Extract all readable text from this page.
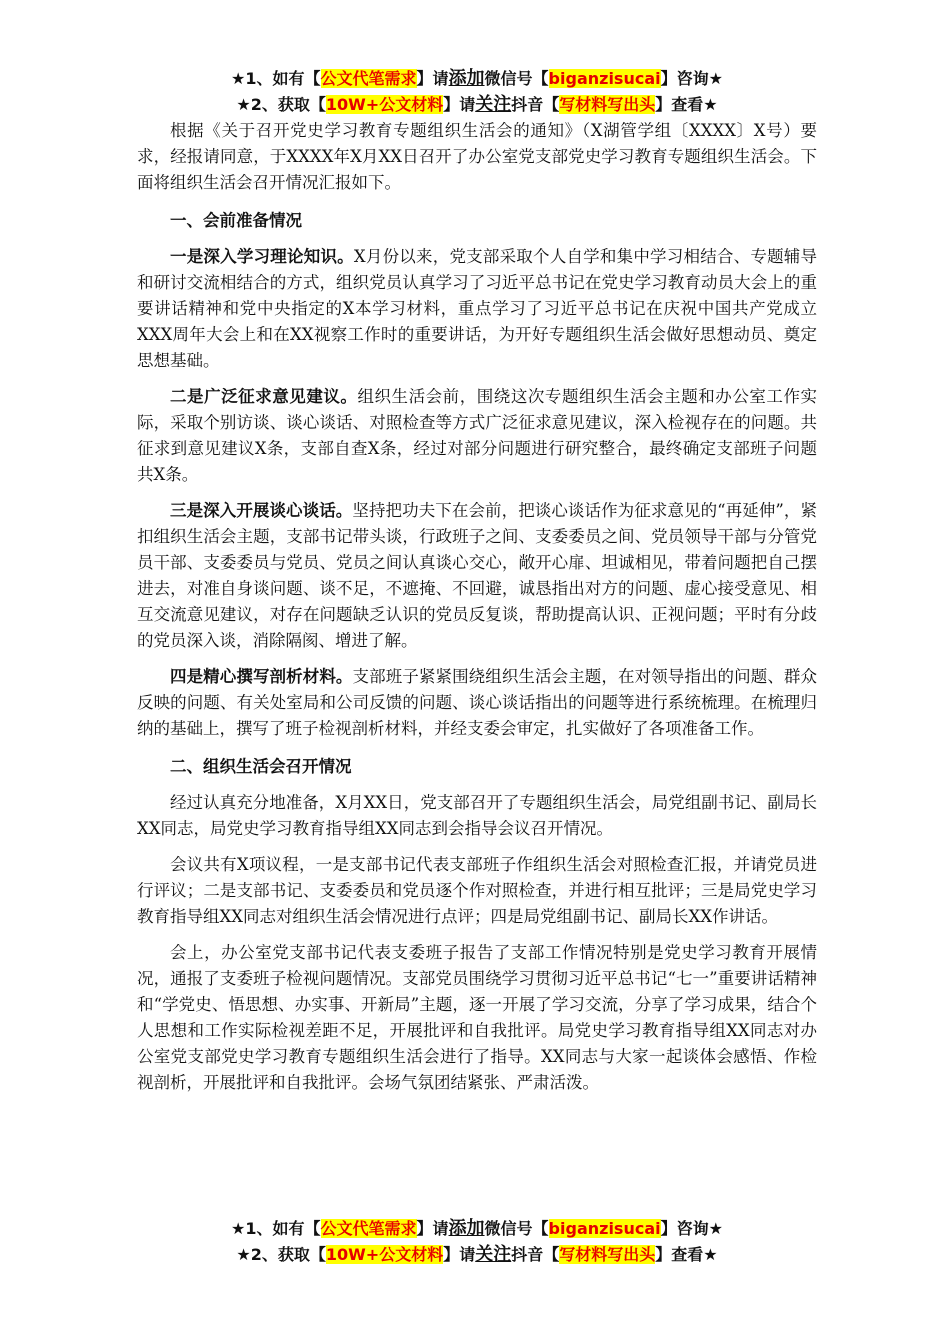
★1、如有【公文代笔需求】请添加微信号【biganzisucai】咨询★
★2、获取【10W+公文材料】请关注抖音【写材料写出头】查看★

根据《关于召开党史学习教育专题组织生活会的通知》（X湖管学组〔XXXX〕X号）要求，经报请同意，于XXXX年X月XX日召开了办公室党支部党史学习教育专题组织生活会。下面将组织生活会召开情况汇报如下。

一、会前准备情况

一是深入学习理论知识。X月份以来，党支部采取个人自学和集中学习相结合、专题辅导和研讨交流相结合的方式，组织党员认真学习了习近平总书记在党史学习教育动员大会上的重要讲话精神和党中央指定的X本学习材料，重点学习了习近平总书记在庆祝中国共产党成立XXX周年大会上和在XX视察工作时的重要讲话，为开好专题组织生活会做好思想动员、奠定思想基础。

二是广泛征求意见建议。组织生活会前，围绕这次专题组织生活会主题和办公室工作实际，采取个别访谈、谈心谈话、对照检查等方式广泛征求意见建议，深入检视存在的问题。共征求到意见建议X条，支部自查X条，经过对部分问题进行研究整合，最终确定支部班子问题共X条。

三是深入开展谈心谈话。坚持把功夫下在会前，把谈心谈话作为征求意见的“再延伸”，紧扣组织生活会主题，支部书记带头谈，行政班子之间、支委委员之间、党员领导干部与分管党员干部、支委委员与党员、党员之间认真谈心交心，敞开心扉、坦诚相见，带着问题把自己摆进去，对准自身谈问题、谈不足，不遮掩、不回避，诚恳指出对方的问题、虚心接受意见、相互交流意见建议，对存在问题缺乏认识的党员反复谈，帮助提高认识、正视问题；平时有分歧的党员深入谈，消除隔阂、增进了解。

四是精心撰写剖析材料。支部班子紧紧围绕组织生活会主题，在对领导指出的问题、群众反映的问题、有关处室局和公司反馈的问题、谈心谈话指出的问题等进行系统梳理。在梳理归纳的基础上，撰写了班子检视剖析材料，并经支委会审定，扎实做好了各项准备工作。

二、组织生活会召开情况

经过认真充分地准备，X月XX日，党支部召开了专题组织生活会，局党组副书记、副局长XX同志，局党史学习教育指导组XX同志到会指导会议召开情况。

会议共有X项议程，一是支部书记代表支部班子作组织生活会对照检查汇报，并请党员进行评议；二是支部书记、支委委员和党员逐个作对照检查，并进行相互批评；三是局党史学习教育指导组XX同志对组织生活会情况进行点评；四是局党组副书记、副局长XX作讲话。

会上，办公室党支部书记代表支委班子报告了支部工作情况特别是党史学习教育开展情况，通报了支委班子检视问题情况。支部党员围绕学习贯彻习近平总书记“七一”重要讲话精神和“学党史、悟思想、办实事、开新局”主题，逐一开展了学习交流，分享了学习成果，结合个人思想和工作实际检视差距不足，开展批评和自我批评。局党史学习教育指导组XX同志对办公室党支部党史学习教育专题组织生活会进行了指导。XX同志与大家一起谈体会感悟、作检视剖析，开展批评和自我批评。会场气氛团结紧张、严肃活泼。

★1、如有【公文代笔需求】请添加微信号【biganzisucai】咨询★
★2、获取【10W+公文材料】请关注抖音【写材料写出头】查看★
